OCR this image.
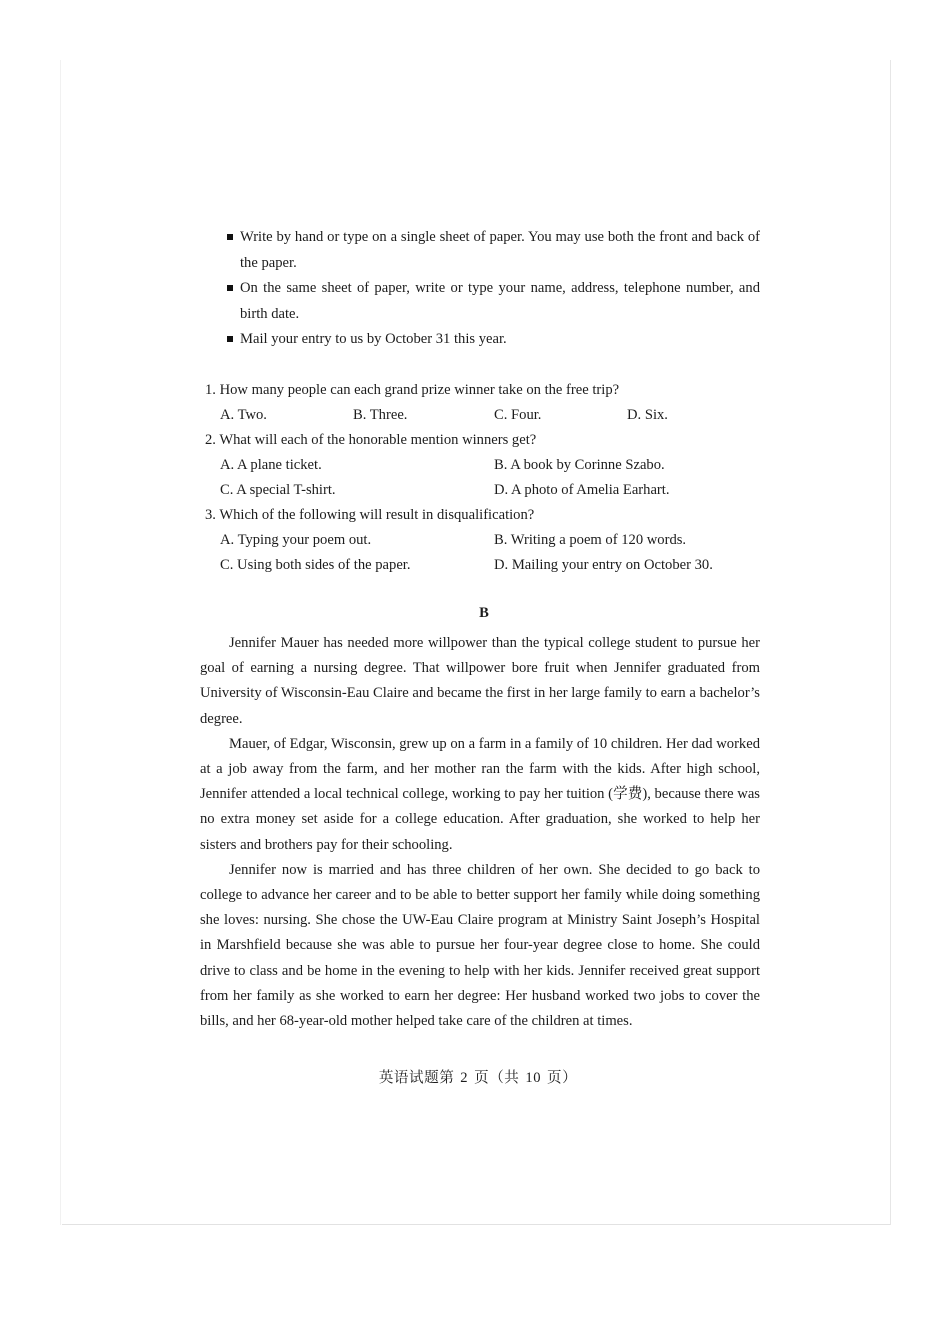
Write by hand or type on a single sheet of paper. You may use both the front and back of the paper.
On the same sheet of paper, write or type your name, address, telephone number, and birth date.
Mail your entry to us by October 31 this year.
1. How many people can each grand prize winner take on the free trip?
A. Two.	B. Three.	C. Four.	D. Six.
2. What will each of the honorable mention winners get?
A. A plane ticket.	B. A book by Corinne Szabo.
C. A special T-shirt.	D. A photo of Amelia Earhart.
3. Which of the following will result in disqualification?
A. Typing your poem out.	B. Writing a poem of 120 words.
C. Using both sides of the paper.	D. Mailing your entry on October 30.
B

Jennifer Mauer has needed more willpower than the typical college student to pursue her goal of earning a nursing degree. That willpower bore fruit when Jennifer graduated from University of Wisconsin-Eau Claire and became the first in her large family to earn a bachelor’s degree.

Mauer, of Edgar, Wisconsin, grew up on a farm in a family of 10 children. Her dad worked at a job away from the farm, and her mother ran the farm with the kids. After high school, Jennifer attended a local technical college, working to pay her tuition (学费), because there was no extra money set aside for a college education. After graduation, she worked to help her sisters and brothers pay for their schooling.

Jennifer now is married and has three children of her own. She decided to go back to college to advance her career and to be able to better support her family while doing something she loves: nursing. She chose the UW-Eau Claire program at Ministry Saint Joseph’s Hospital in Marshfield because she was able to pursue her four-year degree close to home. She could drive to class and be home in the evening to help with her kids. Jennifer received great support from her family as she worked to earn her degree: Her husband worked two jobs to cover the bills, and her 68-year-old mother helped take care of the children at times.

英语试题第 2 页（共 10 页）
